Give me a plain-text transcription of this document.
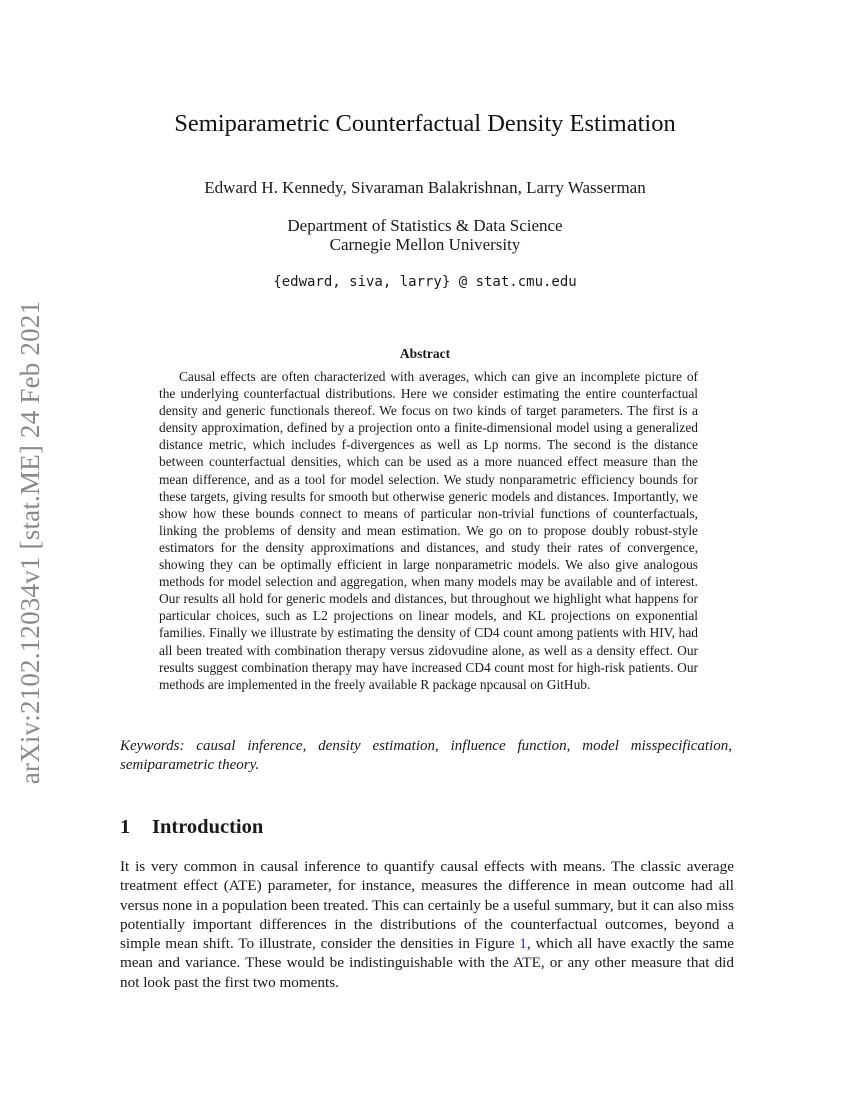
arXiv:2102.12034v1 [stat.ME] 24 Feb 2021
Semiparametric Counterfactual Density Estimation
Edward H. Kennedy, Sivaraman Balakrishnan, Larry Wasserman
Department of Statistics & Data Science
Carnegie Mellon University
{edward, siva, larry} @ stat.cmu.edu
Abstract
Causal effects are often characterized with averages, which can give an incomplete picture of the underlying counterfactual distributions. Here we consider estimating the entire counterfactual density and generic functionals thereof. We focus on two kinds of target parameters. The first is a density approximation, defined by a projection onto a finite-dimensional model using a generalized distance metric, which includes f-divergences as well as Lp norms. The second is the distance between counterfactual densities, which can be used as a more nuanced effect measure than the mean difference, and as a tool for model selection. We study nonparametric efficiency bounds for these targets, giving results for smooth but otherwise generic models and distances. Importantly, we show how these bounds connect to means of particular non-trivial functions of counterfactuals, linking the problems of density and mean estimation. We go on to propose doubly robust-style estimators for the density approximations and distances, and study their rates of convergence, showing they can be optimally efficient in large nonparametric models. We also give analogous methods for model selection and aggregation, when many models may be available and of interest. Our results all hold for generic models and distances, but throughout we highlight what happens for particular choices, such as L2 projections on linear models, and KL projections on exponential families. Finally we illustrate by estimating the density of CD4 count among patients with HIV, had all been treated with combination therapy versus zidovudine alone, as well as a density effect. Our results suggest combination therapy may have increased CD4 count most for high-risk patients. Our methods are implemented in the freely available R package npcausal on GitHub.
Keywords: causal inference, density estimation, influence function, model misspecification, semiparametric theory.
1 Introduction
It is very common in causal inference to quantify causal effects with means. The classic average treatment effect (ATE) parameter, for instance, measures the difference in mean outcome had all versus none in a population been treated. This can certainly be a useful summary, but it can also miss potentially important differences in the distributions of the counterfactual outcomes, beyond a simple mean shift. To illustrate, consider the densities in Figure 1, which all have exactly the same mean and variance. These would be indistinguishable with the ATE, or any other measure that did not look past the first two moments.
